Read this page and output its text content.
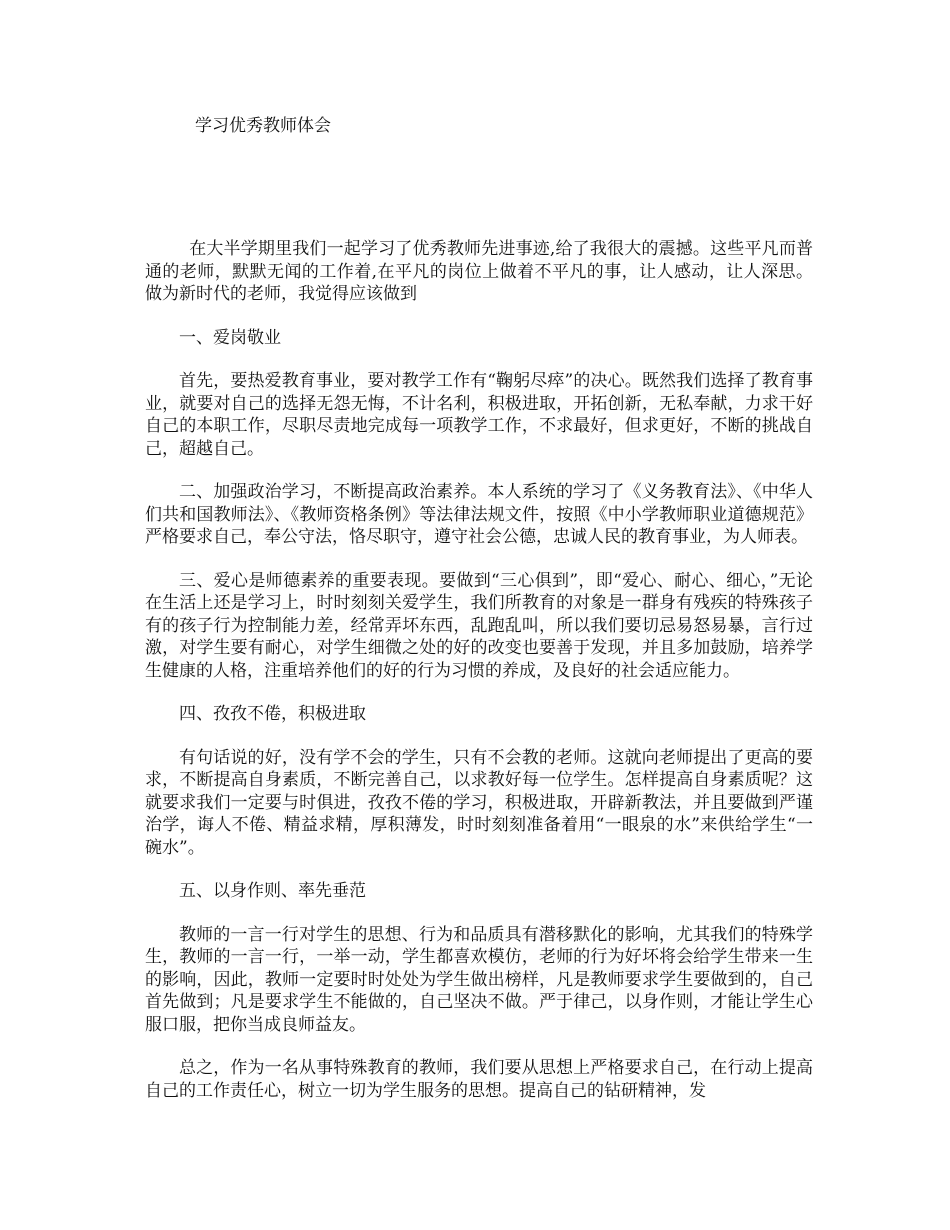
学习优秀教师体会

在大半学期里我们一起学习了优秀教师先进事迹,给了我很大的震撼。这些平凡而普通的老师，默默无闻的工作着,在平凡的岗位上做着不平凡的事，让人感动，让人深思。做为新时代的老师，我觉得应该做到

一、爱岗敬业

首先，要热爱教育事业，要对教学工作有“鞠躬尽瘁”的决心。既然我们选择了教育事业，就要对自己的选择无怨无悔，不计名利，积极进取，开拓创新，无私奉献，力求干好自己的本职工作，尽职尽责地完成每一项教学工作，不求最好，但求更好，不断的挑战自己，超越自己。

二、加强政治学习，不断提高政治素养。本人系统的学习了《义务教育法》、《中华人们共和国教师法》、《教师资格条例》等法律法规文件，按照《中小学教师职业道德规范》严格要求自己，奉公守法，恪尽职守，遵守社会公德，忠诚人民的教育事业，为人师表。

三、爱心是师德素养的重要表现。要做到“三心俱到”，即“爱心、耐心、细心，”无论在生活上还是学习上，时时刻刻关爱学生，我们所教育的对象是一群身有残疾的特殊孩子有的孩子行为控制能力差，经常弄坏东西，乱跑乱叫，所以我们要切忌易怒易暴，言行过激，对学生要有耐心，对学生细微之处的好的改变也要善于发现，并且多加鼓励，培养学生健康的人格，注重培养他们的好的行为习惯的养成，及良好的社会适应能力。

四、孜孜不倦，积极进取

有句话说的好，没有学不会的学生，只有不会教的老师。这就向老师提出了更高的要求，不断提高自身素质，不断完善自己，以求教好每一位学生。怎样提高自身素质呢？这就要求我们一定要与时俱进，孜孜不倦的学习，积极进取，开辟新教法，并且要做到严谨治学，诲人不倦、精益求精，厚积薄发，时时刻刻准备着用“一眼泉的水”来供给学生“一碗水”。

五、以身作则、率先垂范

教师的一言一行对学生的思想、行为和品质具有潜移默化的影响，尤其我们的特殊学生，教师的一言一行，一举一动，学生都喜欢模仿，老师的行为好坏将会给学生带来一生的影响，因此，教师一定要时时处处为学生做出榜样，凡是教师要求学生要做到的，自己首先做到；凡是要求学生不能做的，自己坚决不做。严于律己，以身作则，才能让学生心服口服，把你当成良师益友。

总之，作为一名从事特殊教育的教师，我们要从思想上严格要求自己，在行动上提高自己的工作责任心，树立一切为学生服务的思想。提高自己的钻研精神，发
